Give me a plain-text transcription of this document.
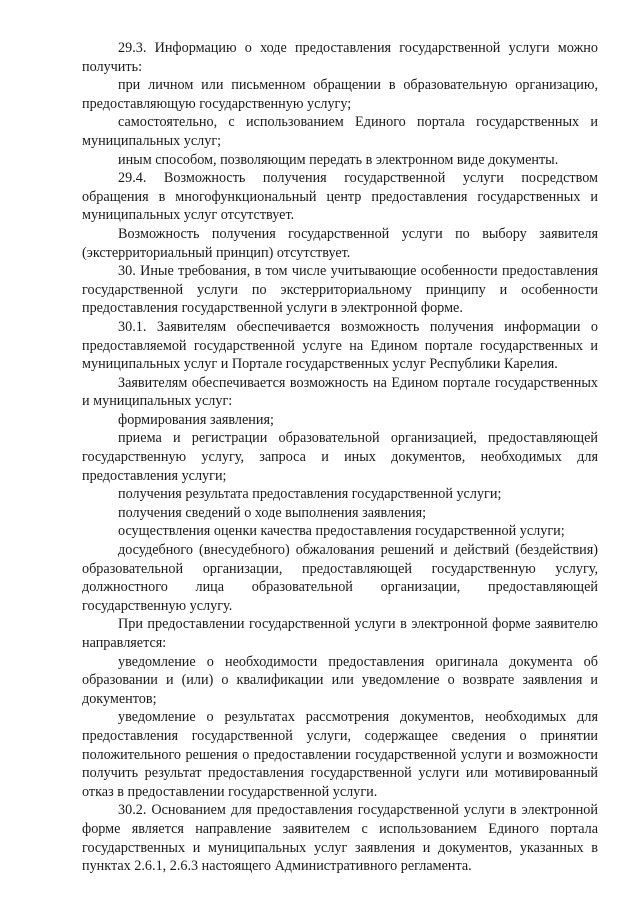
29.3. Информацию о ходе предоставления государственной услуги можно получить:

при личном или письменном обращении в образовательную организацию, предоставляющую государственную услугу;

самостоятельно, с использованием Единого портала государственных и муниципальных услуг;

иным способом, позволяющим передать в электронном виде документы.

29.4. Возможность получения государственной услуги посредством обращения в многофункциональный центр предоставления государственных и муниципальных услуг отсутствует.

Возможность получения государственной услуги по выбору заявителя (экстерриториальный принцип) отсутствует.

30. Иные требования, в том числе учитывающие особенности предоставления государственной услуги по экстерриториальному принципу и особенности предоставления государственной услуги в электронной форме.

30.1. Заявителям обеспечивается возможность получения информации о предоставляемой государственной услуге на Едином портале государственных и муниципальных услуг и Портале государственных услуг Республики Карелия.

Заявителям обеспечивается возможность на Едином портале государственных и муниципальных услуг:

формирования заявления;

приема и регистрации образовательной организацией, предоставляющей государственную услугу, запроса и иных документов, необходимых для предоставления услуги;

получения результата предоставления государственной услуги;

получения сведений о ходе выполнения заявления;

осуществления оценки качества предоставления государственной услуги;

досудебного (внесудебного) обжалования решений и действий (бездействия) образовательной организации, предоставляющей государственную услугу, должностного лица образовательной организации, предоставляющей государственную услугу.

При предоставлении государственной услуги в электронной форме заявителю направляется:

уведомление о необходимости предоставления оригинала документа об образовании и (или) о квалификации или уведомление о возврате заявления и документов;

уведомление о результатах рассмотрения документов, необходимых для предоставления государственной услуги, содержащее сведения о принятии положительного решения о предоставлении государственной услуги и возможности получить результат предоставления государственной услуги или мотивированный отказ в предоставлении государственной услуги.

30.2. Основанием для предоставления государственной услуги в электронной форме является направление заявителем с использованием Единого портала государственных и муниципальных услуг заявления и документов, указанных в пунктах 2.6.1, 2.6.3 настоящего Административного регламента.
